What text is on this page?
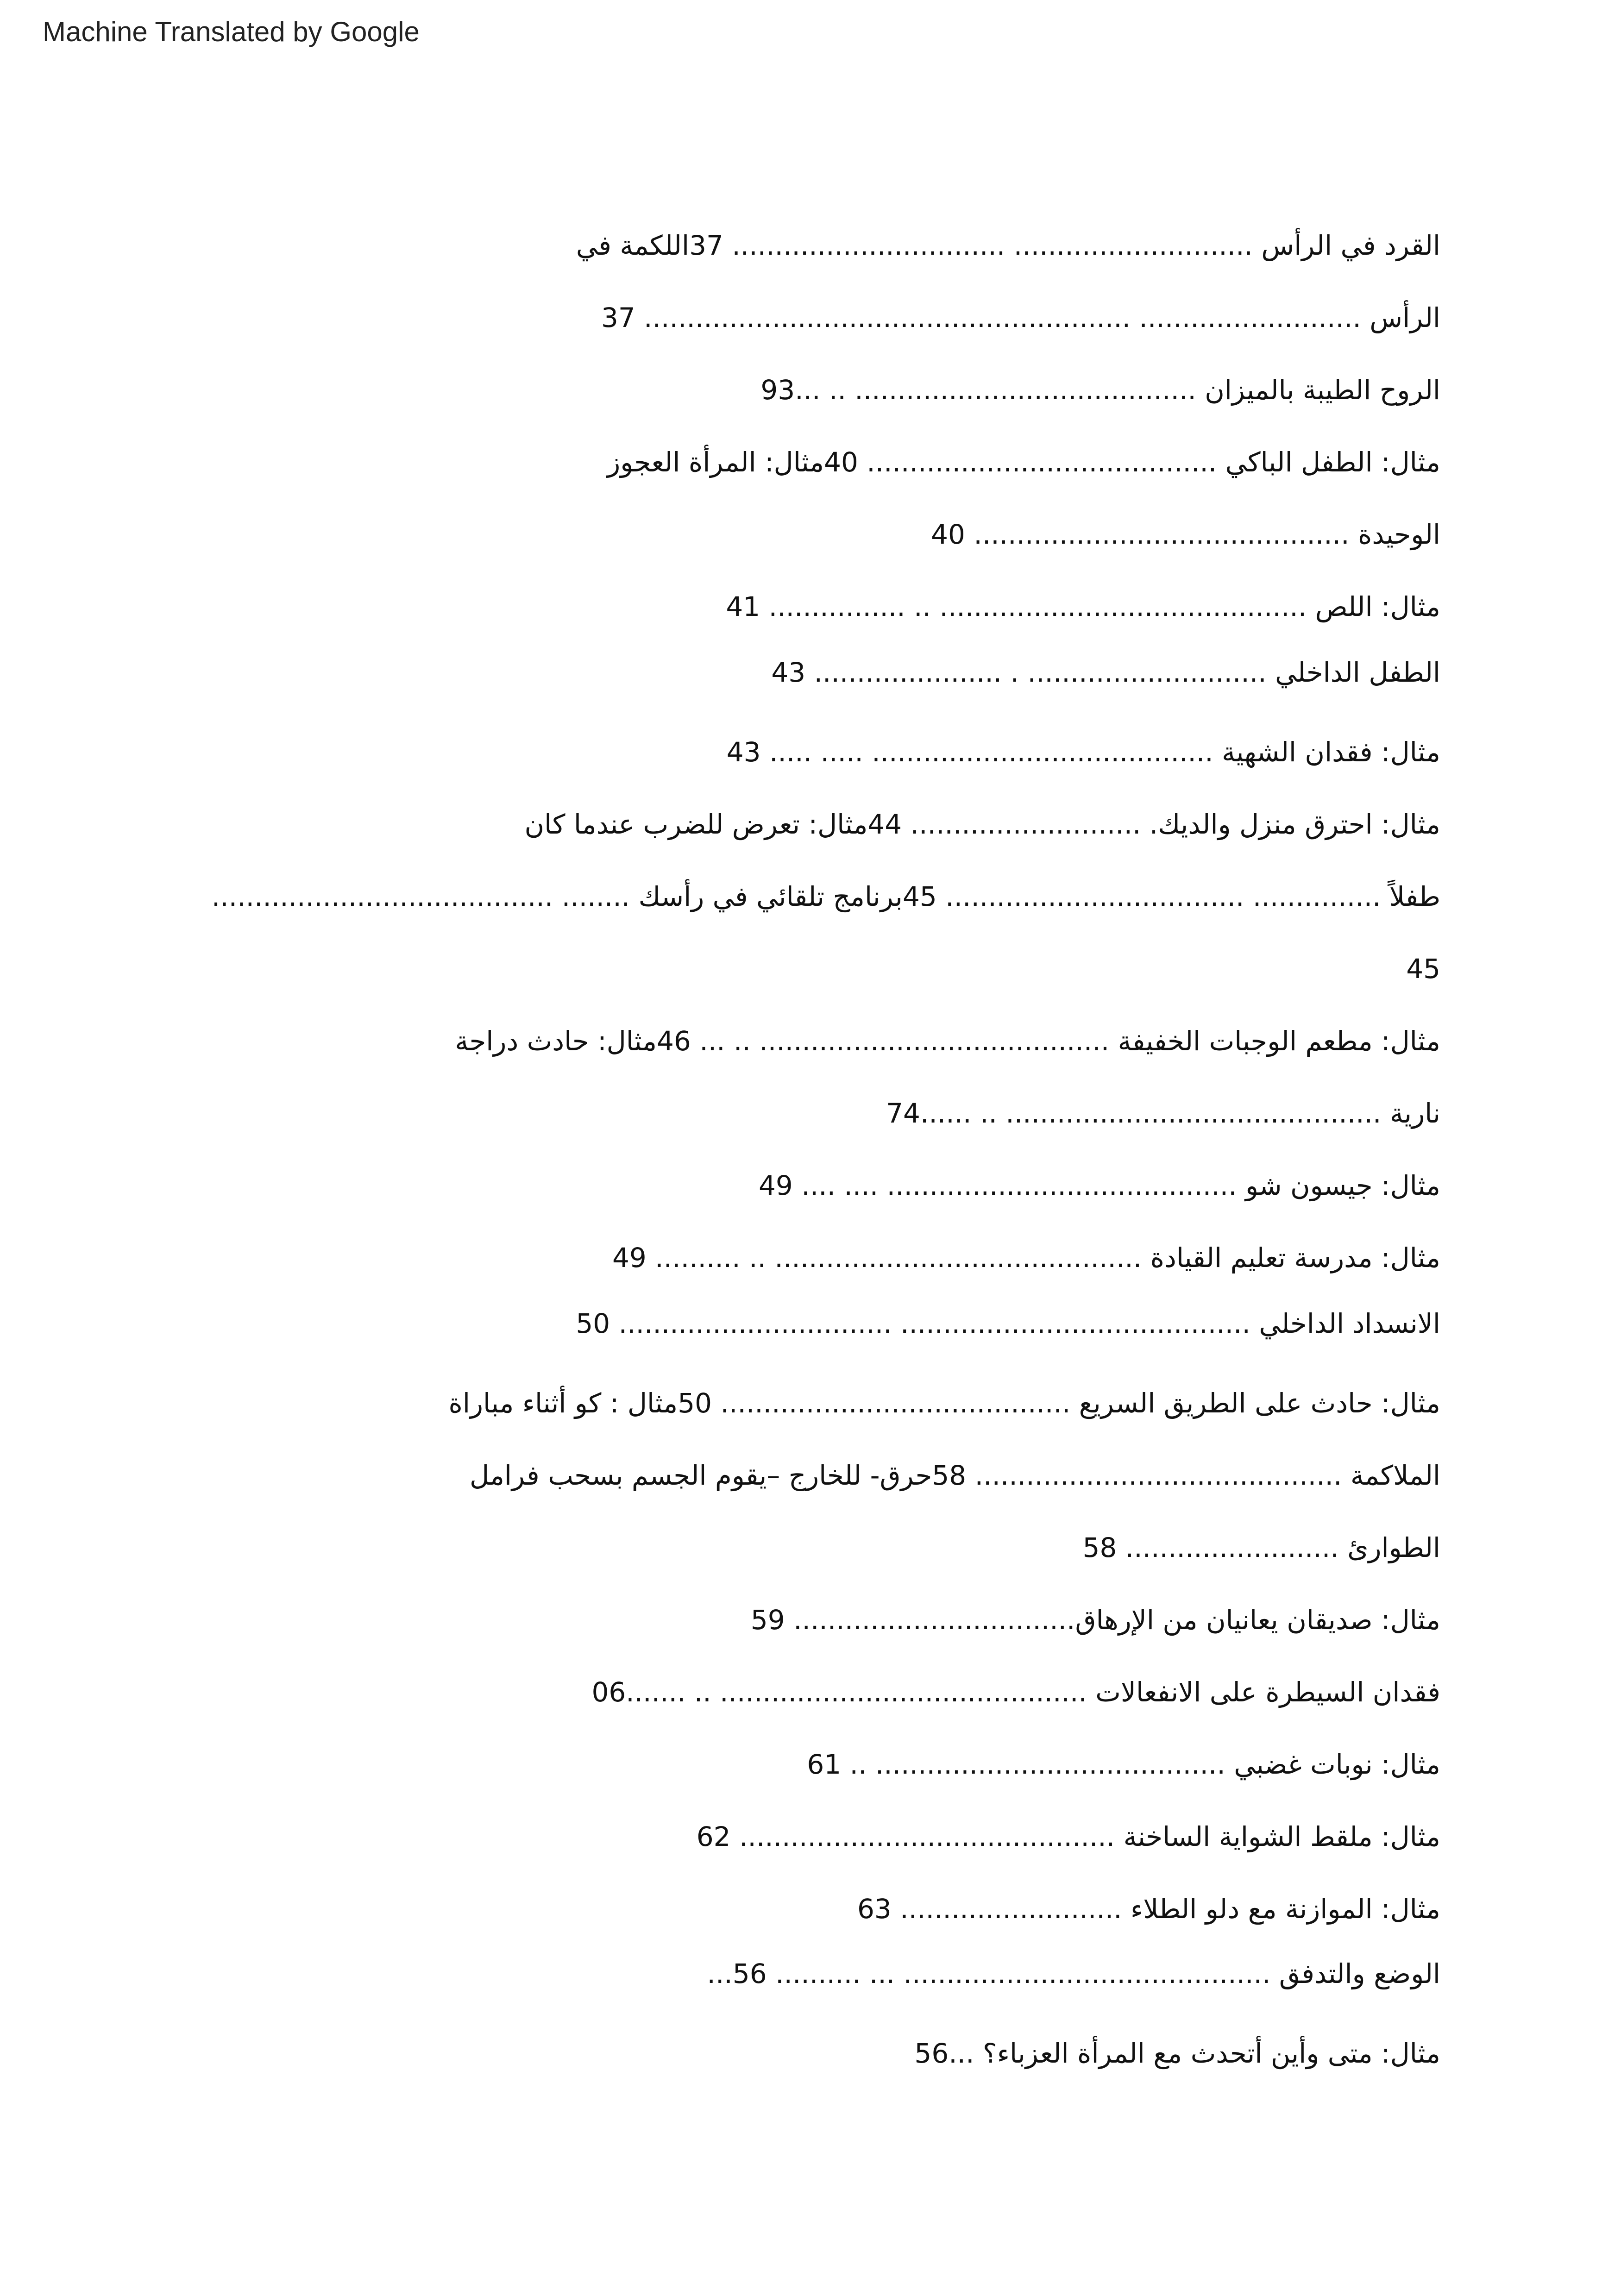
Machine Translated by Google
القرد في الرأس ............................ ................................ 37اللكمة في
الرأس .......................... ......................................................... 37
الروح الطيبة بالميزان ........................................ .. ...93
مثال: الطفل الباكي ......................................... 40مثال: المرأة العجوز
الوحيدة ............................................ 40
مثال: اللص ........................................... .. ................ 41
الطفل الداخلي ............................ . ...................... 43
مثال: فقدان الشهية ........................................ ..... ..... 43
مثال: احترق منزل والديك. ........................... 44مثال: تعرض للضرب عندما كان
طفلاً ............... ................................... 45برنامج تلقائي في رأسك ........ ........................................
45
مثال: مطعم الوجبات الخفيفة ......................................... .. ... 46مثال: حادث دراجة
نارية ............................................ .. ......74
مثال: جيسون شو ......................................... .... .... 49
مثال: مدرسة تعليم القيادة ........................................... .. .......... 49
الانسداد الداخلي ......................................... ................................ 50
مثال: حادث على الطريق السريع ......................................... 50مثال : كو أثناء مباراة
الملاكمة ........................................... 58حرق- للخارج –يقوم الجسم بسحب فرامل
الطوارئ ......................... 58
مثال: صديقان يعانيان من الإرهاق................................. 59
فقدان السيطرة على الانفعالات ........................................... .. .......06
مثال: نوبات غضبي ......................................... .. 61
مثال: ملقط الشواية الساخنة ............................................ 62
مثال: الموازنة مع دلو الطلاء .......................... 63
الوضع والتدفق ........................................... ... .......... 56...
مثال: متى وأين أتحدث مع المرأة العزباء؟ ...56
